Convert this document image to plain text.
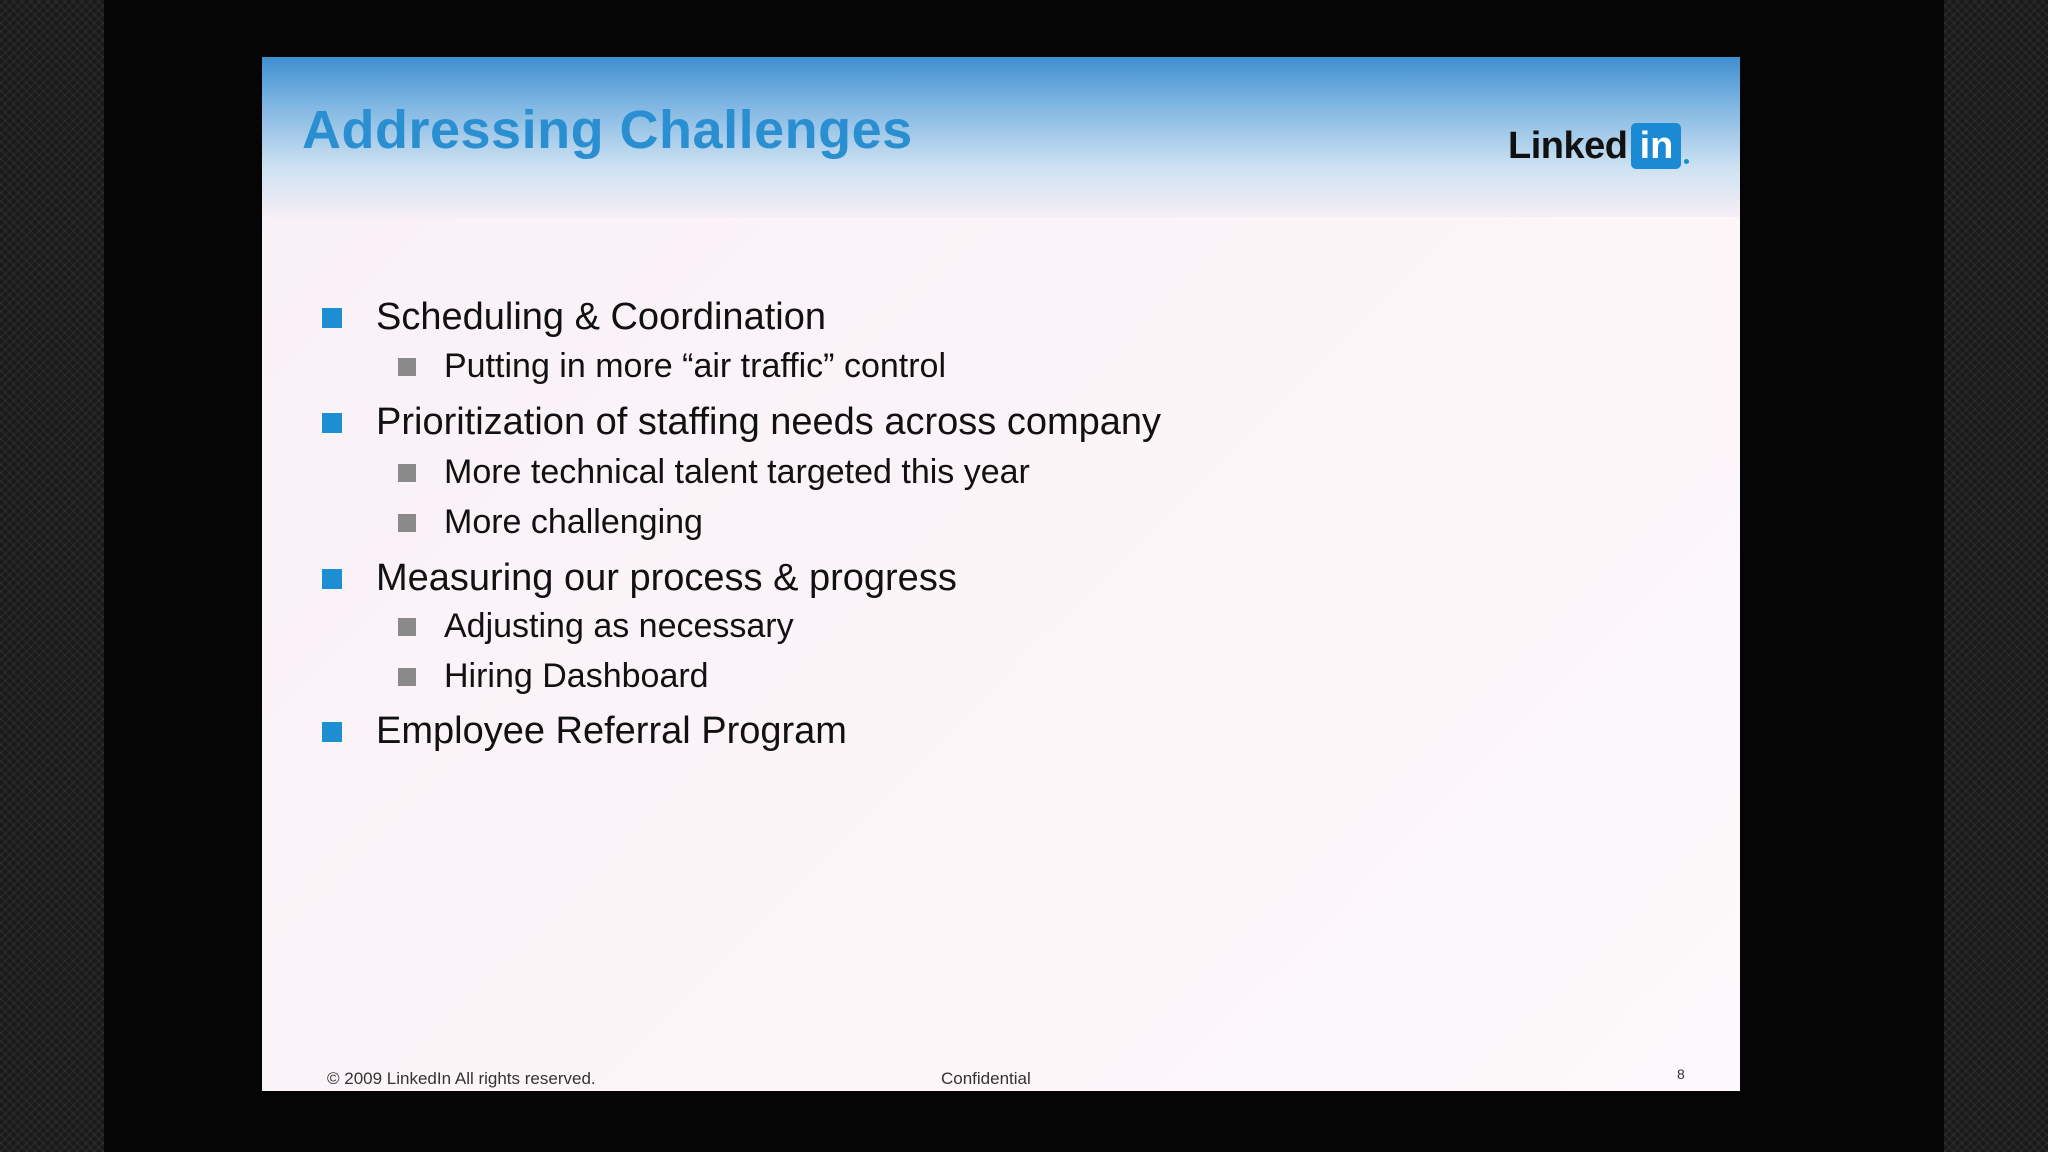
Addressing Challenges	Linked in
Scheduling & Coordination
Putting in more “air traffic” control
Prioritization of staffing needs across company
More technical talent targeted this year
More challenging
Measuring our process & progress
Adjusting as necessary
Hiring Dashboard
Employee Referral Program
© 2009 LinkedIn All rights reserved.	Confidential	8
